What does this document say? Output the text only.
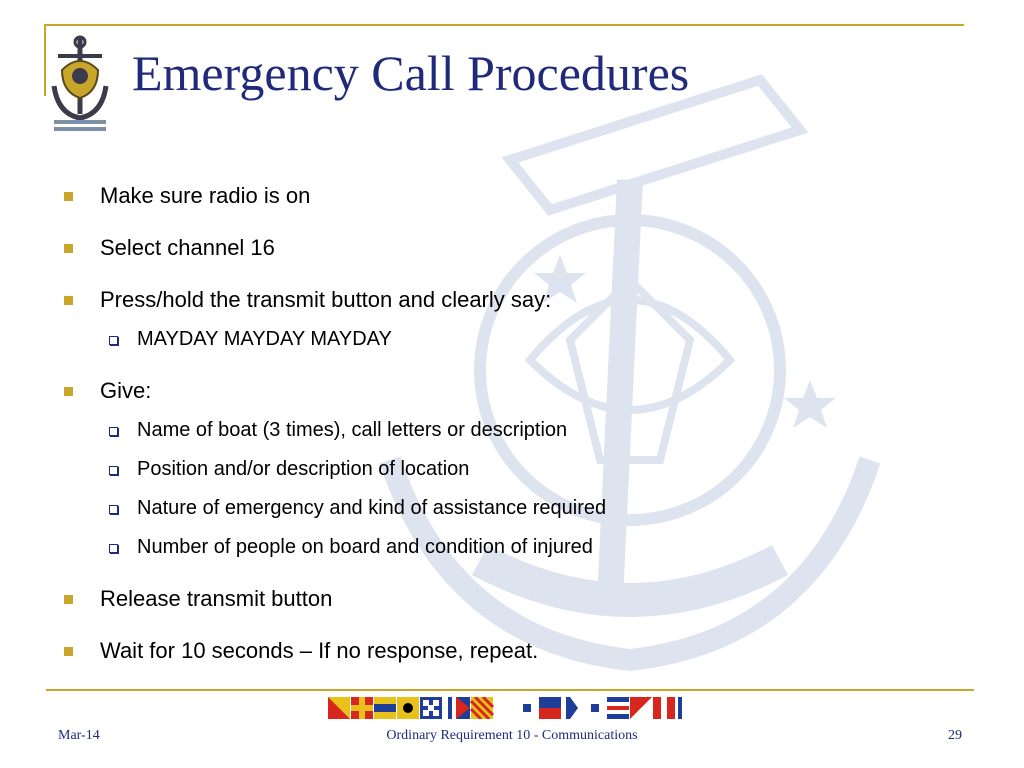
Emergency Call Procedures
Make sure radio is on
Select channel 16
Press/hold the transmit button and clearly say:
MAYDAY MAYDAY MAYDAY
Give:
Name of boat (3 times), call letters or description
Position and/or description of location
Nature of emergency and kind of assistance required
Number of people on board and condition of injured
Release transmit button
Wait for 10 seconds – If no response, repeat.
Ordinary Requirement 10 - Communications
Mar-14	29
